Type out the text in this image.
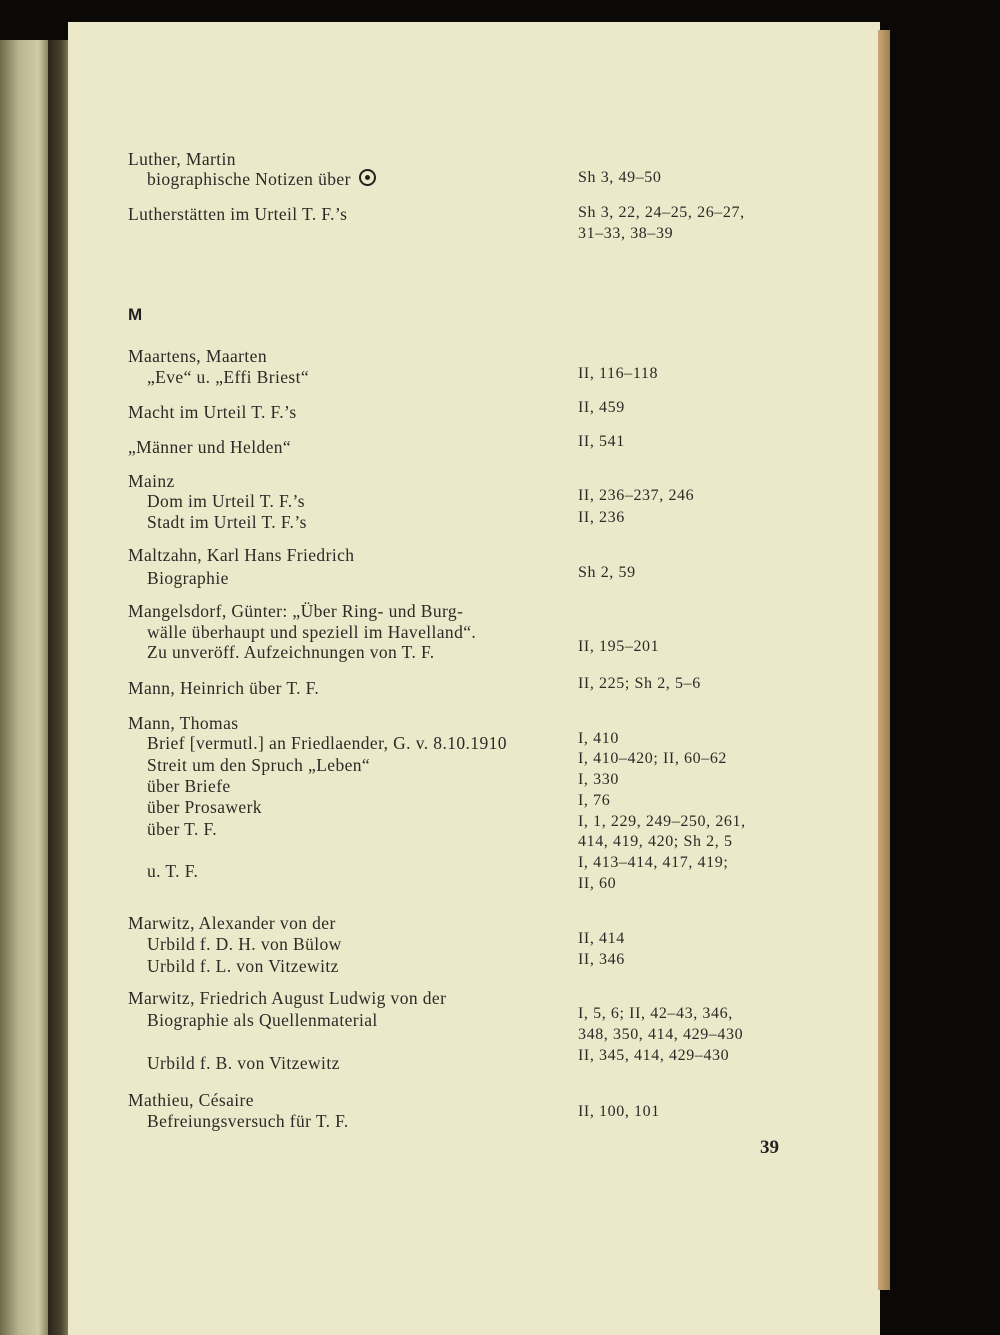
M
Luther, Martin
biographische Notizen über	Sh 3, 49–50
Lutherstätten im Urteil T. F.’s	Sh 3, 22, 24–25, 26–27,
31–33, 38–39
Maartens, Maarten
„Eve“ u. „Effi Briest“	II, 116–118
Macht im Urteil T. F.’s	II, 459
„Männer und Helden“	II, 541
Mainz
Dom im Urteil T. F.’s	II, 236–237, 246
Stadt im Urteil T. F.’s	II, 236
Maltzahn, Karl Hans Friedrich
Biographie	Sh 2, 59
Mangelsdorf, Günter: „Über Ring- und Burg-
wälle überhaupt und speziell im Havelland“.
Zu unveröff. Aufzeichnungen von T. F.	II, 195–201
Mann, Heinrich über T. F.	II, 225; Sh 2, 5–6
Mann, Thomas
Brief [vermutl.] an Friedlaender, G. v. 8.10.1910	I, 410
Streit um den Spruch „Leben“	I, 410–420; II, 60–62
über Briefe	I, 330
über Prosawerk	I, 76
über T. F.	I, 1, 229, 249–250, 261,
414, 419, 420; Sh 2, 5
u. T. F.	I, 413–414, 417, 419;
II, 60
Marwitz, Alexander von der
Urbild f. D. H. von Bülow	II, 414
Urbild f. L. von Vitzewitz	II, 346
Marwitz, Friedrich August Ludwig von der
Biographie als Quellenmaterial	I, 5, 6; II, 42–43, 346,
348, 350, 414, 429–430
Urbild f. B. von Vitzewitz	II, 345, 414, 429–430
Mathieu, Césaire
Befreiungsversuch für T. F.	II, 100, 101
39
